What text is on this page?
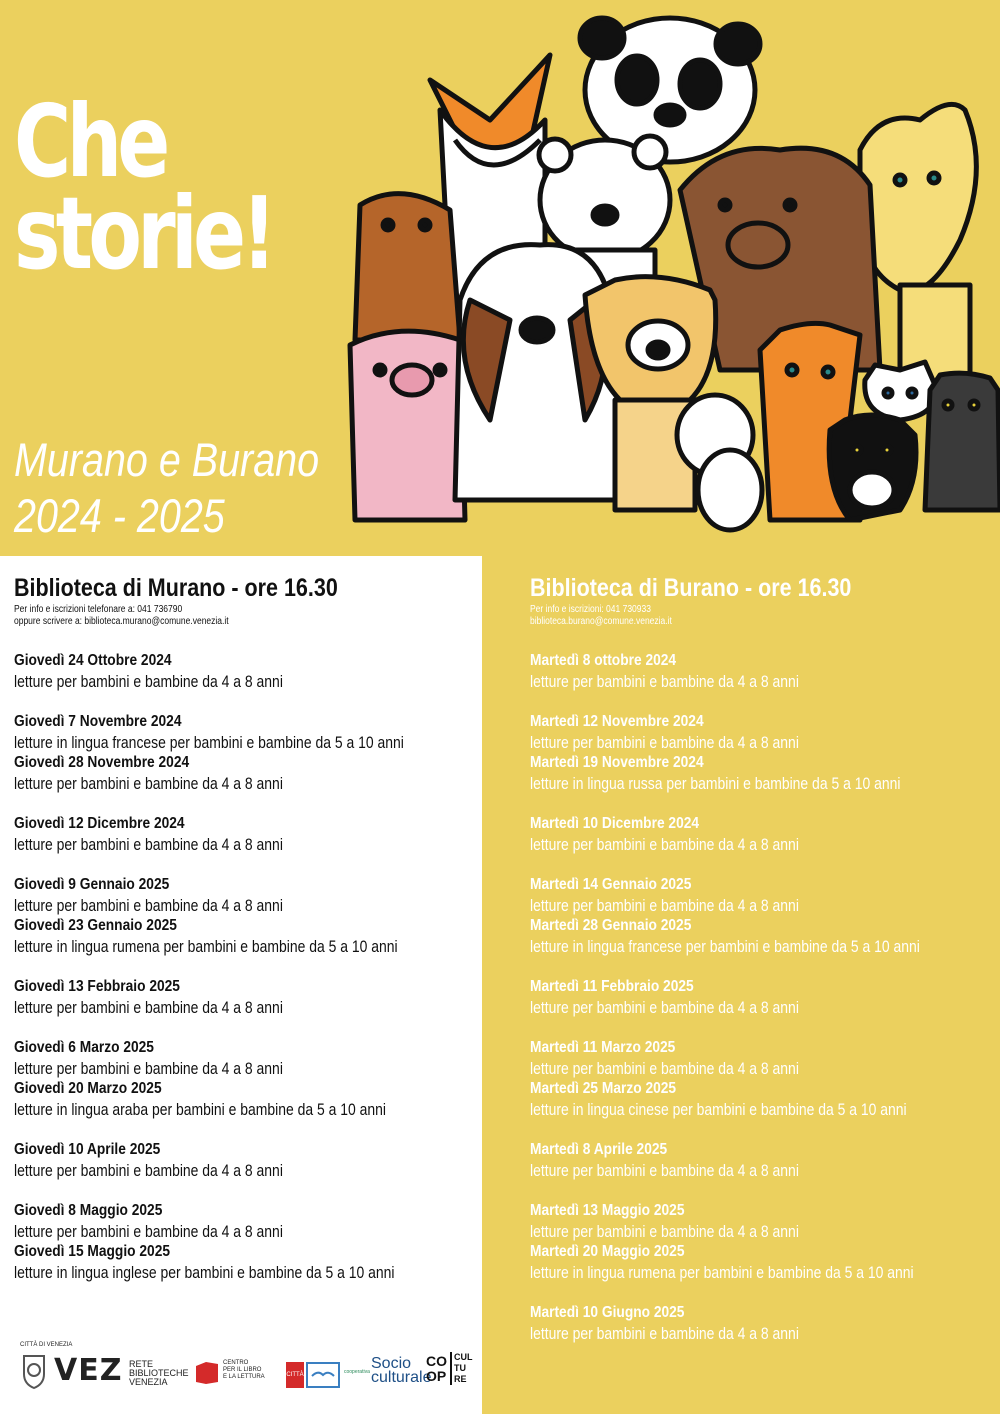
Che
storie!
Murano e Burano
2024 - 2025
Biblioteca di Murano - ore 16.30
Per info e iscrizioni telefonare a: 041 736790
oppure scrivere a: biblioteca.murano@comune.venezia.it
Giovedì 24 Ottobre 2024
letture per bambini e bambine da 4 a 8 anni
Giovedì 7 Novembre 2024
letture in lingua francese per bambini e bambine da 5 a 10 anni
Giovedì 28 Novembre 2024
letture per bambini e bambine da 4 a 8 anni
Giovedì 12 Dicembre 2024
letture per bambini e bambine da 4 a 8 anni
Giovedì 9 Gennaio 2025
letture per bambini e bambine da 4 a 8 anni
Giovedì 23 Gennaio 2025
letture in lingua rumena per bambini e bambine da 5 a 10 anni
Giovedì 13 Febbraio 2025
letture per bambini e bambine da 4 a 8 anni
Giovedì 6 Marzo 2025
letture per bambini e bambine da 4 a 8 anni
Giovedì 20 Marzo 2025
letture in lingua araba per bambini e bambine da 5 a 10 anni
Giovedì 10 Aprile 2025
letture per bambini e bambine da 4 a 8 anni
Giovedì 8 Maggio 2025
letture per bambini e bambine da 4 a 8 anni
Giovedì 15 Maggio 2025
letture in lingua inglese per bambini e bambine da 5 a 10 anni
CITTÀ DI VENEZIA
VEZ RETE
BIBLIOTECHE
VENEZIA
CENTRO
PER IL LIBRO
E LA LETTURA	CITTÀ	cooperativa Socio
culturale
CO
OP
CUL
TU
RE
Biblioteca di Burano - ore 16.30
Per info e iscrizioni: 041 730933
biblioteca.burano@comune.venezia.it
Martedì 8 ottobre 2024
letture per bambini e bambine da 4 a 8 anni
Martedì 12 Novembre 2024
letture per bambini e bambine da 4 a 8 anni
Martedì 19 Novembre 2024
letture in lingua russa per bambini e bambine da 5 a 10 anni
Martedì 10 Dicembre 2024
letture per bambini e bambine da 4 a 8 anni
Martedì 14 Gennaio 2025
letture per bambini e bambine da 4 a 8 anni
Martedì 28 Gennaio 2025
letture in lingua francese per bambini e bambine da 5 a 10 anni
Martedì 11 Febbraio 2025
letture per bambini e bambine da 4 a 8 anni
Martedì 11 Marzo 2025
letture per bambini e bambine da 4 a 8 anni
Martedì 25 Marzo 2025
letture in lingua cinese per bambini e bambine da 5 a 10 anni
Martedì 8 Aprile 2025
letture per bambini e bambine da 4 a 8 anni
Martedì 13 Maggio 2025
letture per bambini e bambine da 4 a 8 anni
Martedì 20 Maggio 2025
letture in lingua rumena per bambini e bambine da 5 a 10 anni
Martedì 10 Giugno 2025
letture per bambini e bambine da 4 a 8 anni
